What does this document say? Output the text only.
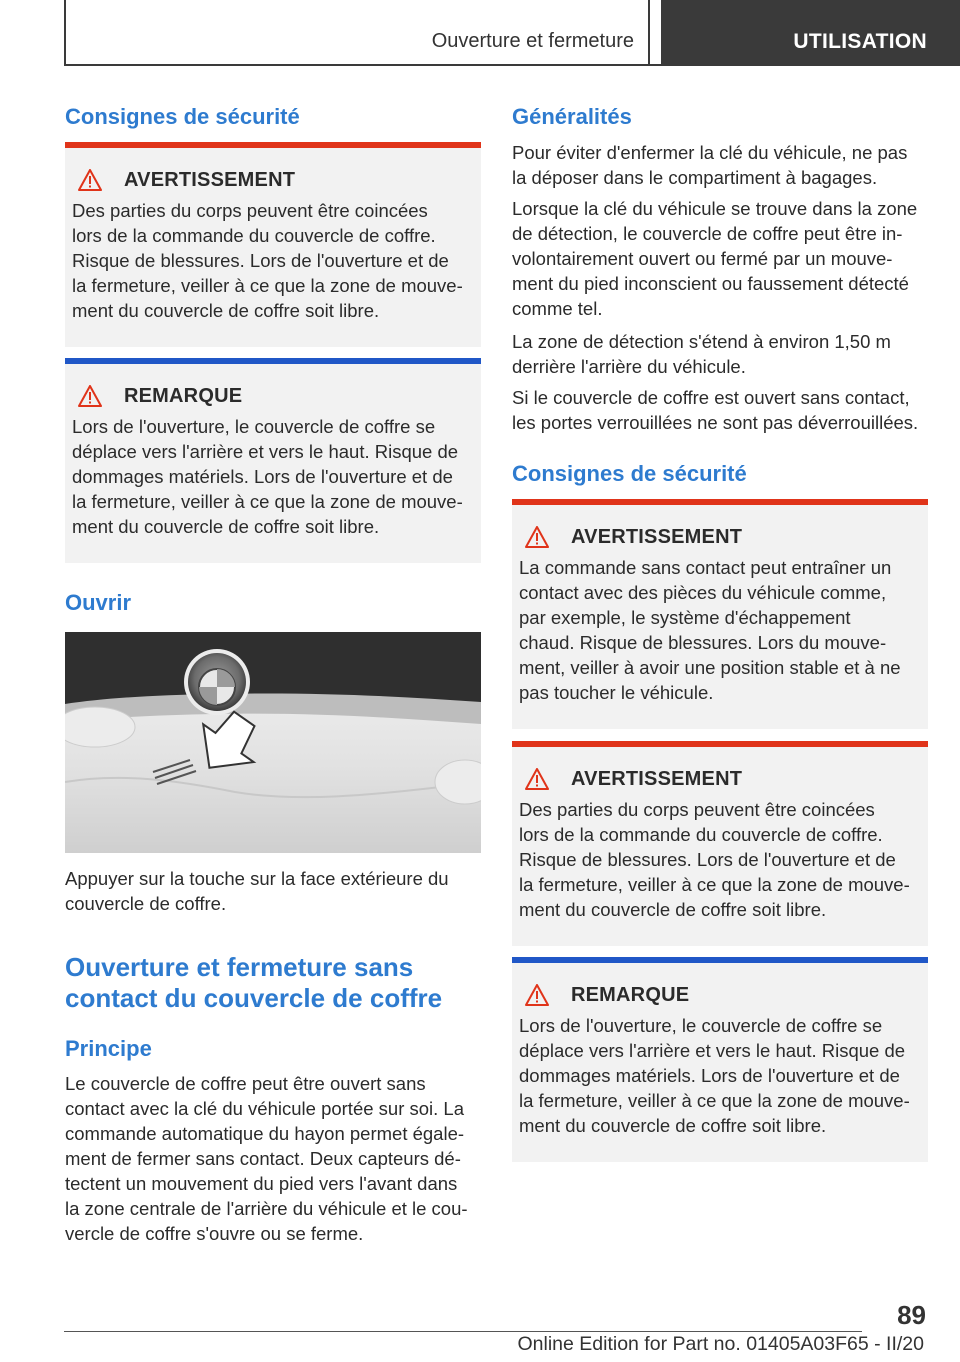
Ouverture et fermeture	UTILISATION
Consignes de sécurité
AVERTISSEMENT
Des parties du corps peuvent être coincées
lors de la commande du couvercle de coffre.
Risque de blessures. Lors de l'ouverture et de
la fermeture, veiller à ce que la zone de mouve‐
ment du couvercle de coffre soit libre.
REMARQUE
Lors de l'ouverture, le couvercle de coffre se
déplace vers l'arrière et vers le haut. Risque de
dommages matériels. Lors de l'ouverture et de
la fermeture, veiller à ce que la zone de mouve‐
ment du couvercle de coffre soit libre.
Ouvrir

Appuyer sur la touche sur la face extérieure du

couvercle de coffre.

Ouverture et fermeture sans
contact du couvercle de coffre
Principe

Le couvercle de coffre peut être ouvert sans

contact avec la clé du véhicule portée sur soi. La

commande automatique du hayon permet égale‐

ment de fermer sans contact. Deux capteurs dé‐

tectent un mouvement du pied vers l'avant dans

la zone centrale de l'arrière du véhicule et le cou‐

vercle de coffre s'ouvre ou se ferme.

Généralités

Pour éviter d'enfermer la clé du véhicule, ne pas

la déposer dans le compartiment à bagages.

Lorsque la clé du véhicule se trouve dans la zone

de détection, le couvercle de coffre peut être in‐

volontairement ouvert ou fermé par un mouve‐

ment du pied inconscient ou faussement détecté

comme tel.

La zone de détection s'étend à environ 1,50 m

derrière l'arrière du véhicule.

Si le couvercle de coffre est ouvert sans contact,

les portes verrouillées ne sont pas déverrouillées.

Consignes de sécurité
AVERTISSEMENT
La commande sans contact peut entraîner un
contact avec des pièces du véhicule comme,
par exemple, le système d'échappement
chaud. Risque de blessures. Lors du mouve‐
ment, veiller à avoir une position stable et à ne
pas toucher le véhicule.
AVERTISSEMENT
Des parties du corps peuvent être coincées
lors de la commande du couvercle de coffre.
Risque de blessures. Lors de l'ouverture et de
la fermeture, veiller à ce que la zone de mouve‐
ment du couvercle de coffre soit libre.
REMARQUE
Lors de l'ouverture, le couvercle de coffre se
déplace vers l'arrière et vers le haut. Risque de
dommages matériels. Lors de l'ouverture et de
la fermeture, veiller à ce que la zone de mouve‐
ment du couvercle de coffre soit libre.
89
Online Edition for Part no. 01405A03F65 - II/20
